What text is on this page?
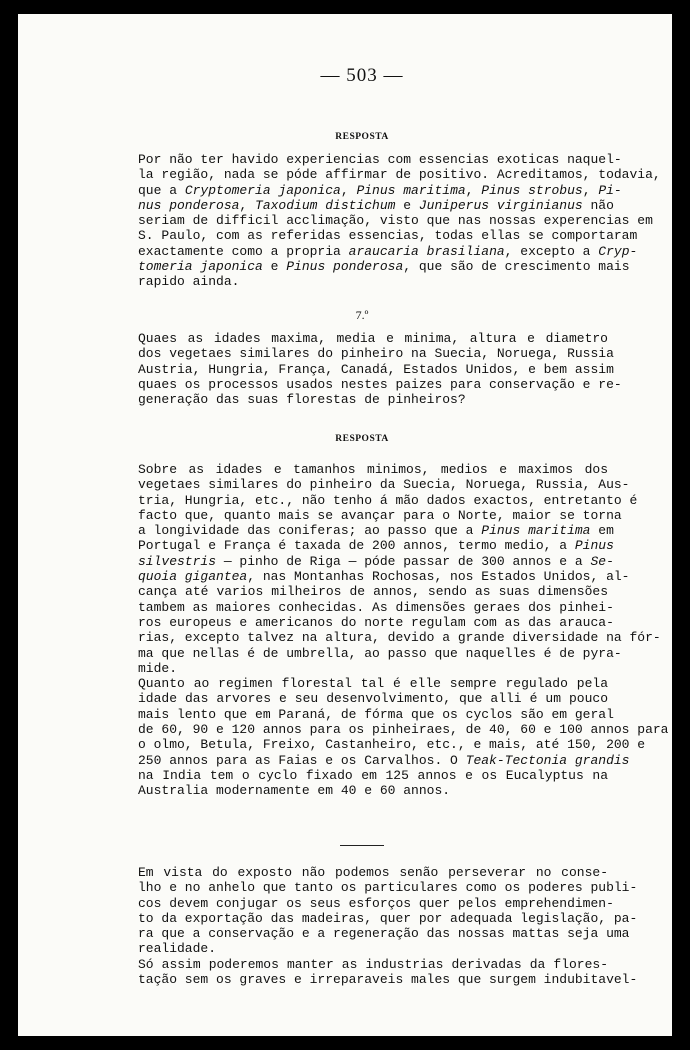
— 503 —
RESPOSTA

Por não ter havido experiencias com essencias exoticas naquel-
la região, nada se póde affirmar de positivo. Acreditamos, todavia,
que a Cryptomeria japonica, Pinus maritima, Pinus strobus, Pi-
nus ponderosa, Taxodium distichum e Juniperus virginianus não
seriam de difficil acclimação, visto que nas nossas experencias em
S. Paulo, com as referidas essencias, todas ellas se comportaram
exactamente como a propria araucaria brasiliana, excepto a Cryp-
tomeria japonica e Pinus ponderosa, que são de crescimento mais
rapido ainda.

7.º

Quaes as idades maxima, media e minima, altura e diametro
dos vegetaes similares do pinheiro na Suecia, Noruega, Russia
Austria, Hungria, França, Canadá, Estados Unidos, e bem assim
quaes os processos usados nestes paizes para conservação e re-
generação das suas florestas de pinheiros?

RESPOSTA

Sobre as idades e tamanhos minimos, medios e maximos dos
vegetaes similares do pinheiro da Suecia, Noruega, Russia, Aus-
tria, Hungria, etc., não tenho á mão dados exactos, entretanto é
facto que, quanto mais se avançar para o Norte, maior se torna
a longividade das coniferas; ao passo que a Pinus maritima em
Portugal e França é taxada de 200 annos, termo medio, a Pinus
silvestris — pinho de Riga — póde passar de 300 annos e a Se-
quoia gigantea, nas Montanhas Rochosas, nos Estados Unidos, al-
cança até varios milheiros de annos, sendo as suas dimensões
tambem as maiores conhecidas. As dimensões geraes dos pinhei-
ros europeus e americanos do norte regulam com as das arauca-
rias, excepto talvez na altura, devido a grande diversidade na fór-
ma que nellas é de umbrella, ao passo que naquelles é de pyra-
mide.

Quanto ao regimen florestal tal é elle sempre regulado pela
idade das arvores e seu desenvolvimento, que alli é um pouco
mais lento que em Paraná, de fórma que os cyclos são em geral
de 60, 90 e 120 annos para os pinheiraes, de 40, 60 e 100 annos para
o olmo, Betula, Freixo, Castanheiro, etc., e mais, até 150, 200 e
250 annos para as Faias e os Carvalhos. O Teak-Tectonia grandis
na India tem o cyclo fixado em 125 annos e os Eucalyptus na
Australia modernamente em 40 e 60 annos.

Em vista do exposto não podemos senão perseverar no conse-
lho e no anhelo que tanto os particulares como os poderes publi-
cos devem conjugar os seus esforços quer pelos emprehendimen-
to da exportação das madeiras, quer por adequada legislação, pa-
ra que a conservação e a regeneração das nossas mattas seja uma
realidade.

Só assim poderemos manter as industrias derivadas da flores-
tação sem os graves e irreparaveis males que surgem indubitavel-
